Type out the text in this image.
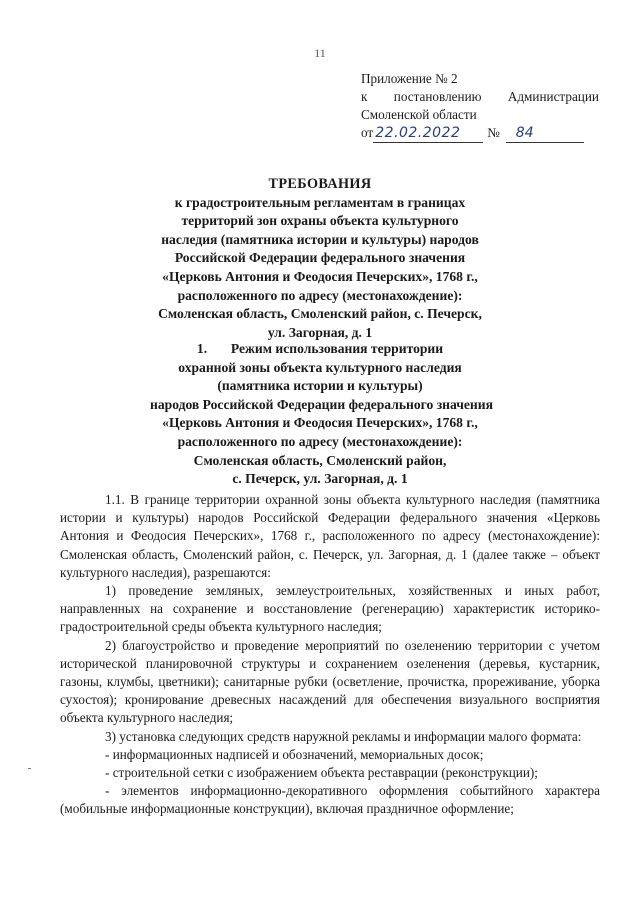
11
Приложение № 2
к постановлению Администрации
Смоленской области
от 22.02.2022	№	84
ТРЕБОВАНИЯ
к градостроительным регламентам в границах
территорий зон охраны объекта культурного
наследия (памятника истории и культуры) народов
Российской Федерации федерального значения
«Церковь Антония и Феодосия Печерских», 1768 г.,
расположенного по адресу (местонахождение):
Смоленская область, Смоленский район, с. Печерск,
ул. Загорная, д. 1
1.       Режим использования территории
охранной зоны объекта культурного наследия
(памятника истории и культуры)
народов Российской Федерации федерального значения
«Церковь Антония и Феодосия Печерских», 1768 г.,
расположенного по адресу (местонахождение):
Смоленская область, Смоленский район,
с. Печерск, ул. Загорная, д. 1

1.1. В границе территории охранной зоны объекта культурного наследия (памятника истории и культуры) народов Российской Федерации федерального значения «Церковь Антония и Феодосия Печерских», 1768 г., расположенного по адресу (местонахождение): Смоленская область, Смоленский район, с. Печерск, ул. Загорная, д. 1 (далее также – объект культурного наследия), разрешаются:

1) проведение земляных, землеустроительных, хозяйственных и иных работ, направленных на сохранение и восстановление (регенерацию) характеристик историко-градостроительной среды объекта культурного наследия;

2) благоустройство и проведение мероприятий по озеленению территории с учетом исторической планировочной структуры и сохранением озеленения (деревья, кустарник, газоны, клумбы, цветники); санитарные рубки (осветление, прочистка, прореживание, уборка сухостоя); кронирование древесных насаждений для обеспечения визуального восприятия объекта культурного наследия;

3) установка следующих средств наружной рекламы и информации малого формата:

- информационных надписей и обозначений, мемориальных досок;

- строительной сетки с изображением объекта реставрации (реконструкции);

- элементов информационно-декоративного оформления событийного характера (мобильные информационные конструкции), включая праздничное оформление;
